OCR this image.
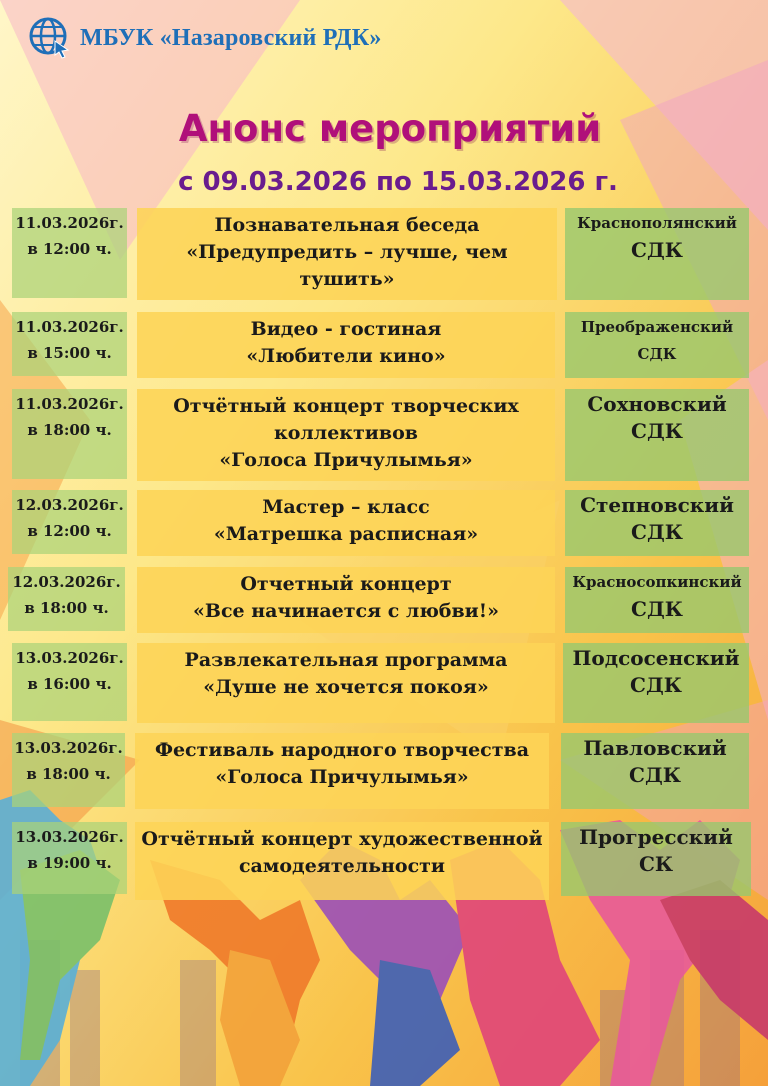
МБУК «Назаровский РДК»
Анонс мероприятий
с 09.03.2026 по 15.03.2026 г.
11.03.2026г.
в 12:00 ч.
Познавательная беседа
«Предупредить – лучше, чем
тушить»
Краснополянский
СДК
11.03.2026г.
в 15:00 ч.
Видео - гостиная
«Любители кино»
Преображенский
СДК
11.03.2026г.
в 18:00 ч.
Отчётный концерт творческих
коллективов
«Голоса Причулымья»
Сохновский
СДК
12.03.2026г.
в 12:00 ч.
Мастер – класс
«Матрешка расписная»
Степновский
СДК
12.03.2026г.
в 18:00 ч.
Отчетный концерт
«Все начинается с любви!»
Красносопкинский
СДК
13.03.2026г.
в 16:00 ч.
Развлекательная программа
«Душе не хочется покоя»
Подсосенский
СДК
13.03.2026г.
в 18:00 ч.
Фестиваль народного творчества
«Голоса Причулымья»
Павловский
СДК
13.03.2026г.
в 19:00 ч.
Отчётный концерт художественной
самодеятельности
Прогресский
СК
